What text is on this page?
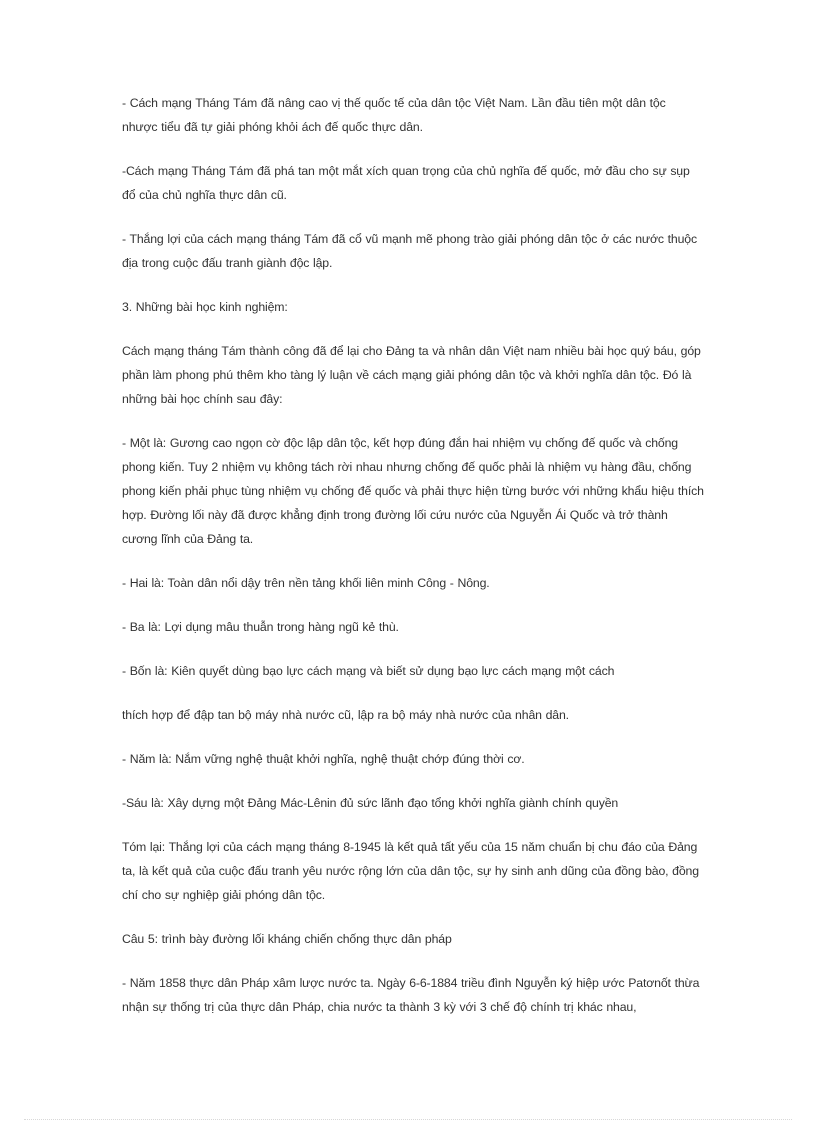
- Cách mạng Tháng Tám đã nâng cao vị thế quốc tế của dân tộc Việt Nam. Lần đầu tiên một dân tộc nhược tiểu đã tự giải phóng khỏi ách đế quốc thực dân.

-Cách mạng Tháng Tám đã phá tan một mắt xích quan trọng của chủ nghĩa đế quốc, mở đầu cho sự sụp đổ của chủ nghĩa thực dân cũ.

- Thắng lợi của cách mạng tháng Tám đã cổ vũ mạnh mẽ phong trào giải phóng dân tộc ở các nước thuộc địa trong cuộc đấu tranh giành độc lập.

3. Những bài học kinh nghiệm:

Cách mạng tháng Tám thành công đã để lại cho Đảng ta và nhân dân Việt nam nhiều bài học quý báu, góp phần làm phong phú thêm kho tàng lý luận về cách mạng giải phóng dân tộc và khởi nghĩa dân tộc. Đó là những bài học chính sau đây:

- Một là: Gương cao ngọn cờ độc lập dân tộc, kết hợp đúng đắn hai nhiệm vụ chống đế quốc và chống phong kiến. Tuy 2 nhiệm vụ không tách rời nhau nhưng chống đế quốc phải là nhiệm vụ hàng đầu, chống phong kiến phải phục tùng nhiệm vụ chống đế quốc và phải thực hiện từng bước với những khẩu hiệu thích hợp. Đường lối này đã được khẳng định trong đường lối cứu nước của Nguyễn Ái Quốc và trở thành cương lĩnh của Đảng ta.

- Hai là: Toàn dân nổi dậy trên nền tảng khối liên minh Công - Nông.

- Ba là: Lợi dụng mâu thuẫn trong hàng ngũ kẻ thù.

- Bốn là: Kiên quyết dùng bạo lực cách mạng và biết sử dụng bạo lực cách mạng một cách

thích hợp để đập tan bộ máy nhà nước cũ, lập ra bộ máy nhà nước của nhân dân.

- Năm là: Nắm vững nghệ thuật khởi nghĩa, nghệ thuật chớp đúng thời cơ.

-Sáu là: Xây dựng một Đảng Mác-Lênin đủ sức lãnh đạo tổng khởi nghĩa giành chính quyền

Tóm lại: Thắng lợi của cách mạng tháng 8-1945 là kết quả tất yếu của 15 năm chuẩn bị chu đáo của Đảng ta, là kết quả của cuộc đấu tranh yêu nước rộng lớn của dân tộc, sự hy sinh anh dũng của đồng bào, đồng chí cho sự nghiệp giải phóng dân tộc.

Câu 5: trình bày đường lối kháng chiến chống thực dân pháp

- Năm 1858 thực dân Pháp xâm lược nước ta. Ngày 6-6-1884 triều đình Nguyễn ký hiệp ước Patơnốt thừa nhận sự thống trị của thực dân Pháp, chia nước ta thành 3 kỳ với 3 chế độ chính trị khác nhau,
